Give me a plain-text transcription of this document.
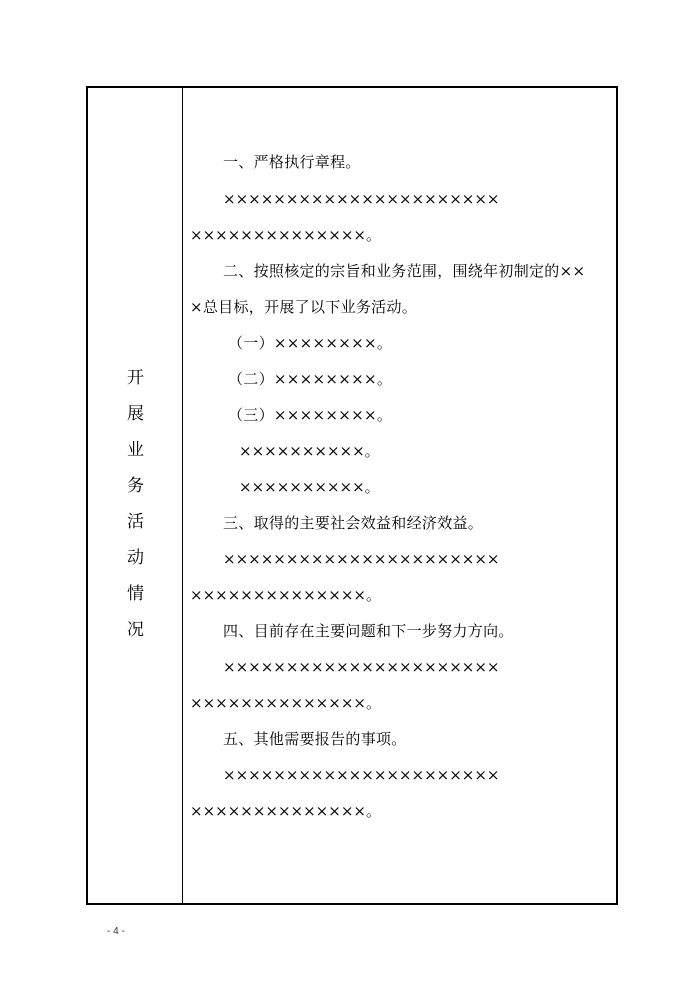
开
展
业
务
活
动
情
况
一、严格执行章程。
××××××××××××××××××××××
××××××××××××××。
二、按照核定的宗旨和业务范围，围绕年初制定的××
×总目标，开展了以下业务活动。
（一）××××××××。
（二）××××××××。
（三）××××××××。
××××××××××。
××××××××××。
三、取得的主要社会效益和经济效益。
××××××××××××××××××××××
××××××××××××××。
四、目前存在主要问题和下一步努力方向。
××××××××××××××××××××××
××××××××××××××。
五、其他需要报告的事项。
××××××××××××××××××××××
××××××××××××××。
- 4 -
